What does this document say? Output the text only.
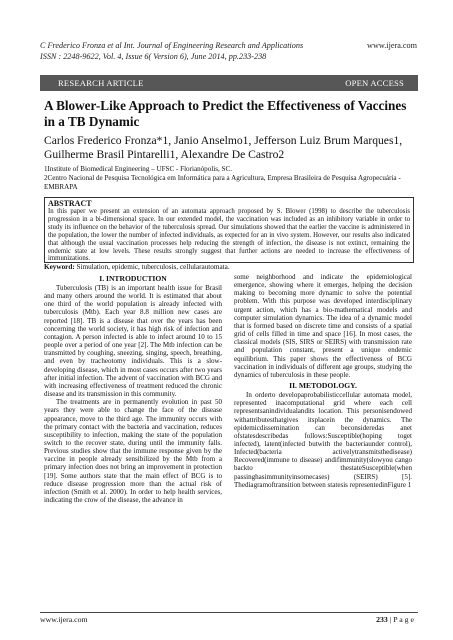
C Frederico Fronza et al Int. Journal of Engineering Research and Applications
ISSN : 2248-9622, Vol. 4, Issue 6( Version 6), June 2014, pp.233-238
www.ijera.com
RESEARCH ARTICLE	OPEN ACCESS
A Blower-Like Approach to Predict the Effectiveness of Vaccines in a TB Dynamic
Carlos Frederico Fronza*1, Janio Anselmo1, Jefferson Luiz Brum Marques1, Guilherme Brasil Pintarelli1, Alexandre De Castro2
1Institute of Biomedical Engineering – UFSC - Florianópolis, SC.
2Centro Nacional de Pesquisa Tecnológica em Informática para a Agricultura, Empresa Brasileira de Pesquisa Agropecuária - EMBRAPA
ABSTRACT
In this paper we present an extension of an automata approach proposed by S. Blower (1998) to describe the tuberculosis progression in a bi-dimensional space. In our extended model, the vaccination was included as an inhibitory variable in order to study its influence on the behavior of the tuberculosis spread. Our simulations showed that the earlier the vaccine is administered in the population, the lower the number of infected individuals, as expected for an in vivo system. However, our results also indicated that although the usual vaccination processes help reducing the strength of infection, the disease is not extinct, remaining the endemic state at low levels. These results strongly suggest that further actions are needed to increase the effectiveness of immunizations.
Keyword: Simulation, epidemic, tuberculosis, cellularautomata.
I. INTRODUCTION

Tuberculosis (TB) is an important health issue for Brasil and many others around the world. It is estimated that about one third of the world population is already infected with tuberculosis (Mtb). Each year 8.8 million new cases are reported [18]. TB is a disease that over the years has been concerning the world society, it has high risk of infection and contagion. A person infected is able to infect around 10 to 15 people over a period of one year [2]. The Mtb infection can be transmitted by coughing, sneezing, singing, speech, breathing, and even by tracheotomy individuals. This is a slow-developing disease, which in most cases occurs after two years after initial infection. The advent of vaccination with BCG and with increasing effectiveness of treatment reduced the chronic disease and its transmission in this community.

The treatments are in permanently evolution in past 50 years they were able to change the face of the disease appearance, move to the third age. The immunity occurs with the primary contact with the bacteria and vaccination, reduces susceptibility to infection, making the state of the population switch to the recover state, during until the immunity falls. Previous studies show that the immune response given by the vaccine in people already sensibilized by the Mtb from a primary infection does not bring an improvement in protection [19]. Some authors state that the main effect of BCG is to reduce disease progression more than the actual risk of infection (Smith et al. 2000). In order to help health services, indicating the crow of the disease, the advance in

some neighborhood and indicate the epidemiological emergence, showing where it emerges, helping the decision making to becoming more dynamic to solve the potential problem. With this purpose was developed interdisciplinary urgent action, which has a bio-mathematical models and computer simulation dynamics. The idea of a dynamic model that is formed based on discrete time and consists of a spatial grid of cells filled in time and space [16]. In most cases, the classical models (SIS, SIRS or SEIRS) with transmission rate and population constant, present a unique endemic equilibrium. This paper shows the effectiveness of BCG vaccination in individuals of different age groups, studying the dynamics of tuberculosis in these people.

II. METODOLOGY.

In orderto developaprobabilisticcellular automata model, represented inacomputational grid where each cell representsanindividualandits location. This personisendowed withattributesthatgives itsplacein the dynamics. The epidemicdissemination can beconsideredas anet ofstatesdescribedas follows:Susceptible(hoping toget infected), latent(infected butwith the bacteriaunder control), Infected(bacteria activelytransmitsthedisease) Recovered(immune to disease) andifimmunity(slowyou cango backto thestateSusceptible(when passinghasimmunityinsomecases) (SEIRS) [5]. Thediagramoftransition between statesis representedinFigure 1

www.ijera.com	233 | P a g e
